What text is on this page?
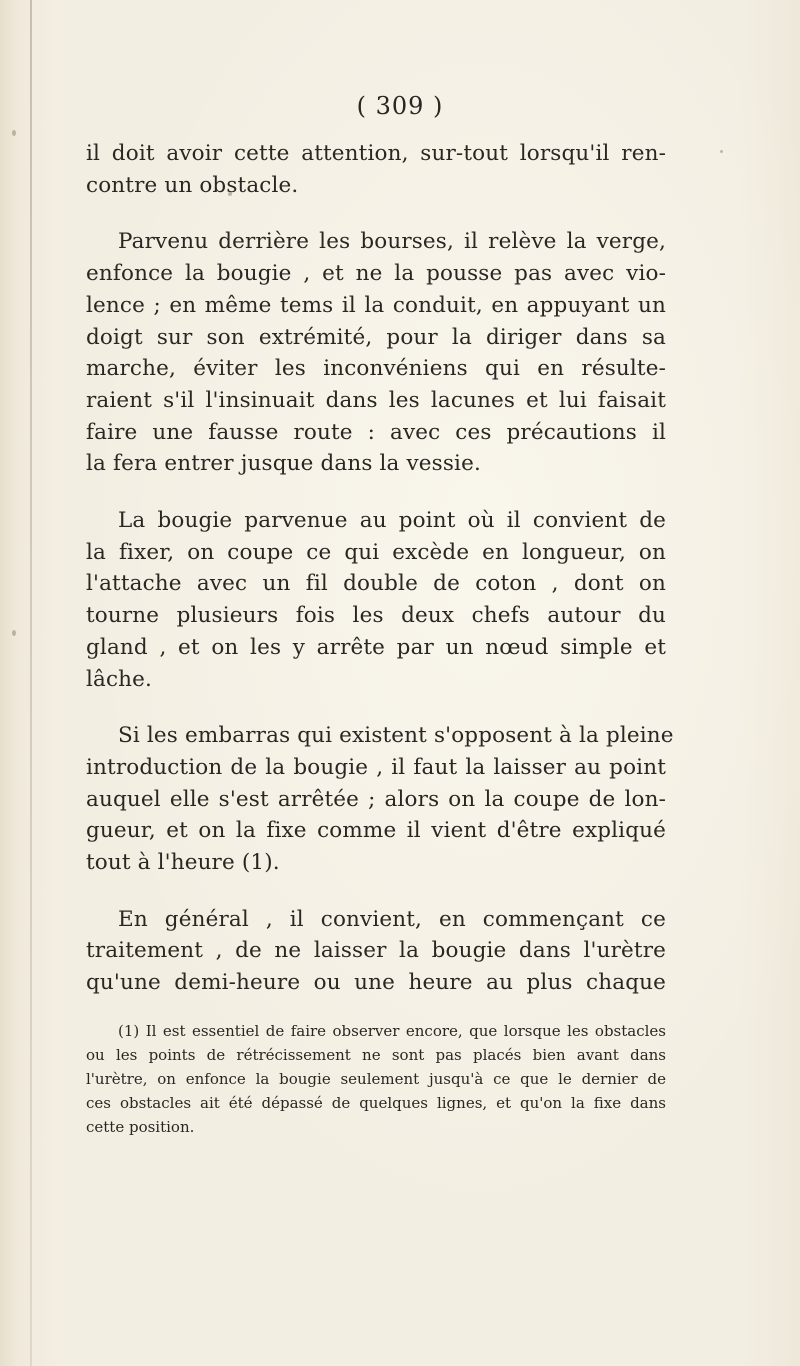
( 309 )

il doit avoir cette attention, sur-tout lorsqu'il ren-
contre un obstacle.

Parvenu derrière les bourses, il relève la verge,
enfonce la bougie , et ne la pousse pas avec vio-
lence ; en même tems il la conduit, en appuyant un
doigt sur son extrémité, pour la diriger dans sa
marche, éviter les inconvéniens qui en résulte-
raient s'il l'insinuait dans les lacunes et lui faisait
faire une fausse route : avec ces précautions il
la fera entrer jusque dans la vessie.

La bougie parvenue au point où il convient de
la fixer, on coupe ce qui excède en longueur, on
l'attache avec un fil double de coton , dont on
tourne plusieurs fois les deux chefs autour du
gland , et on les y arrête par un nœud simple et
lâche.

Si les embarras qui existent s'opposent à la pleine
introduction de la bougie , il faut la laisser au point
auquel elle s'est arrêtée ; alors on la coupe de lon-
gueur, et on la fixe comme il vient d'être expliqué
tout à l'heure (1).

En général , il convient, en commençant ce
traitement , de ne laisser la bougie dans l'urètre
qu'une demi-heure ou une heure au plus chaque

(1) Il est essentiel de faire observer encore, que lorsque les obstacles
ou les points de rétrécissement ne sont pas placés bien avant dans
l'urètre, on enfonce la bougie seulement jusqu'à ce que le dernier de
ces obstacles ait été dépassé de quelques lignes, et qu'on la fixe dans
cette position.
